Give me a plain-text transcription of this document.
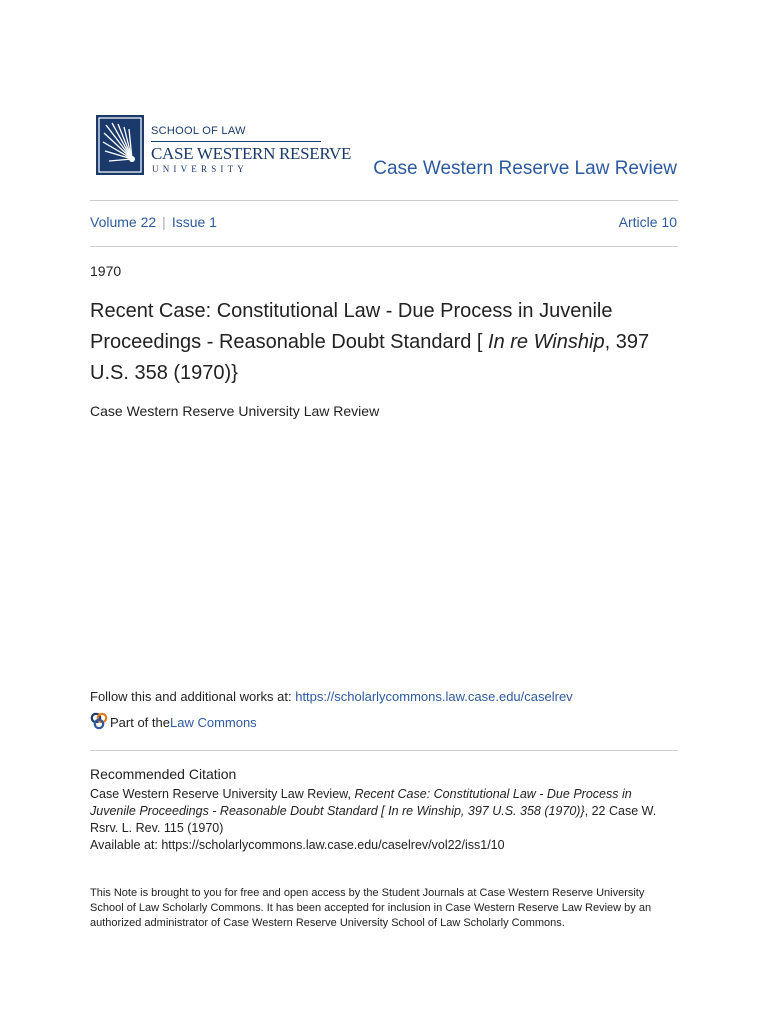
SCHOOL OF LAW
CASE WESTERN RESERVE
UNIVERSITY	Case Western Reserve Law Review
Volume 22 | Issue 1	Article 10
1970
Recent Case: Constitutional Law - Due Process in Juvenile Proceedings - Reasonable Doubt Standard [ In re Winship, 397 U.S. 358 (1970)}
Case Western Reserve University Law Review
Follow this and additional works at: https://scholarlycommons.law.case.edu/caselrev
Part of the Law Commons
Recommended Citation
Case Western Reserve University Law Review, Recent Case: Constitutional Law - Due Process in Juvenile Proceedings - Reasonable Doubt Standard [ In re Winship, 397 U.S. 358 (1970)}, 22 Case W. Rsrv. L. Rev. 115 (1970)
Available at: https://scholarlycommons.law.case.edu/caselrev/vol22/iss1/10
This Note is brought to you for free and open access by the Student Journals at Case Western Reserve University School of Law Scholarly Commons. It has been accepted for inclusion in Case Western Reserve Law Review by an authorized administrator of Case Western Reserve University School of Law Scholarly Commons.
